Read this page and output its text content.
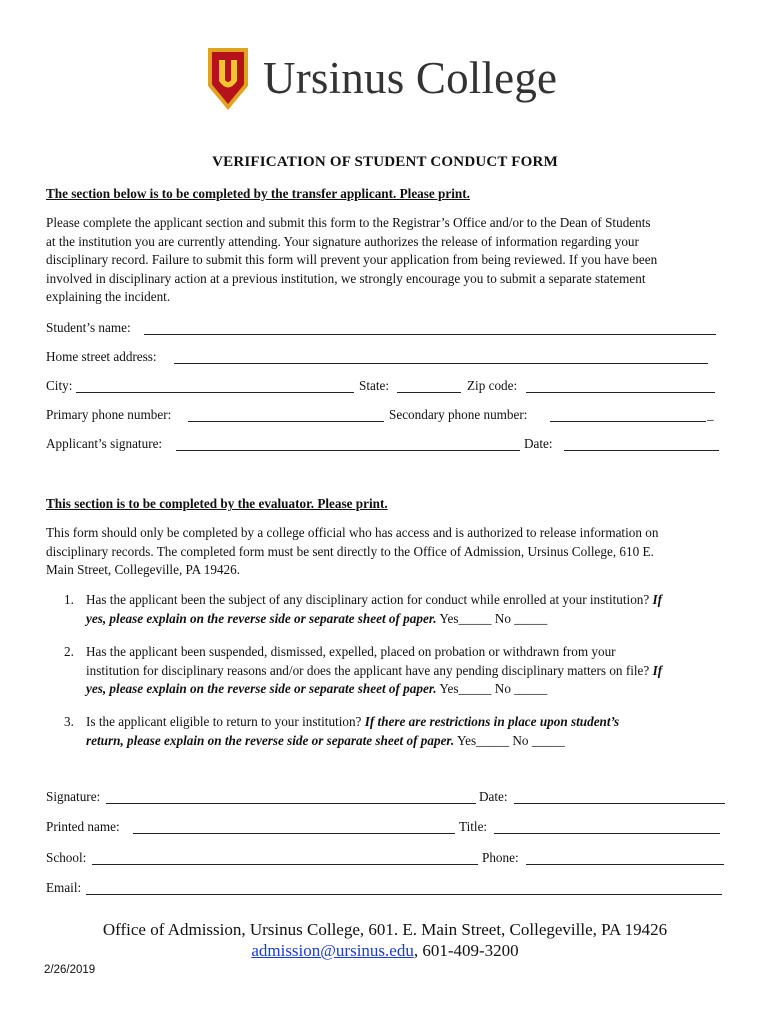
Ursinus College
VERIFICATION OF STUDENT CONDUCT FORM
The section below is to be completed by the transfer applicant. Please print.
Please complete the applicant section and submit this form to the Registrar’s Office and/or to the Dean of Students
at the institution you are currently attending. Your signature authorizes the release of information regarding your
disciplinary record. Failure to submit this form will prevent your application from being reviewed. If you have been
involved in disciplinary action at a previous institution, we strongly encourage you to submit a separate statement
explaining the incident.
Student’s name:
Home street address:
City:	State:	Zip code:
Primary phone number:	Secondary phone number:	_
Applicant’s signature:	Date:
This section is to be completed by the evaluator. Please print.
This form should only be completed by a college official who has access and is authorized to release information on
disciplinary records. The completed form must be sent directly to the Office of Admission, Ursinus College, 610 E.
Main Street, Collegeville, PA 19426.
1. Has the applicant been the subject of any disciplinary action for conduct while enrolled at your institution? If
yes, please explain on the reverse side or separate sheet of paper. Yes_____ No _____
2. Has the applicant been suspended, dismissed, expelled, placed on probation or withdrawn from your
institution for disciplinary reasons and/or does the applicant have any pending disciplinary matters on file? If
yes, please explain on the reverse side or separate sheet of paper. Yes_____ No _____
3. Is the applicant eligible to return to your institution? If there are restrictions in place upon student’s
return, please explain on the reverse side or separate sheet of paper. Yes_____ No _____
Signature:	Date:
Printed name:	Title:
School:	Phone:
Email:
Office of Admission, Ursinus College, 601. E. Main Street, Collegeville, PA 19426
admission@ursinus.edu, 601-409-3200
2/26/2019
